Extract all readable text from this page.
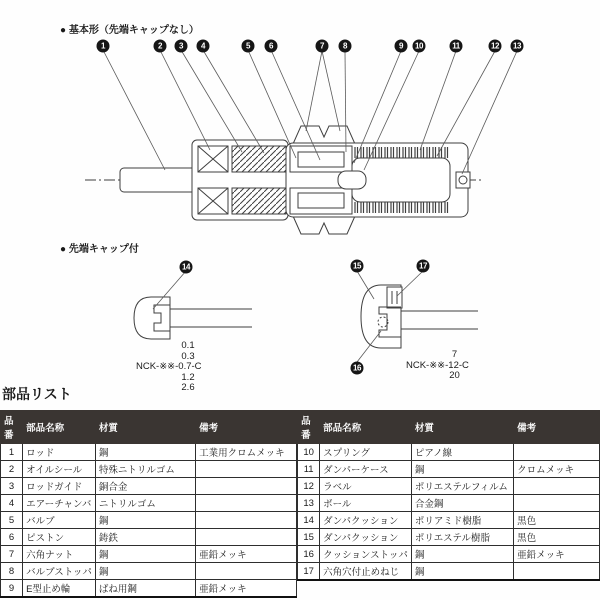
● 基本形（先端キャップなし）
● 先端キャップ付
1	2	3	4	5	6	7	8	9	10	11	12	13
14	15
16
17
0.1
0.3
NCK-※※-0.7-C
1.2
2.6
7
NCK-※※-12-C
20
部品リスト
品番	部品名称	材質	備考
1	ロッド	鋼	工業用クロムメッキ
2	オイルシール	特殊ニトリルゴム	
3	ロッドガイド	銅合金	
4	エアーチャンバ	ニトリルゴム	
5	バルブ	鋼	
6	ピストン	鋳鉄	
7	六角ナット	鋼	亜鉛メッキ
8	バルブストッパ	鋼	
9	E型止め輪	ばね用鋼	亜鉛メッキ
品番	部品名称	材質	備考
10	スプリング	ピアノ線	
11	ダンパーケース	鋼	クロムメッキ
12	ラベル	ポリエステルフィルム	
13	ボール	合金鋼	
14	ダンパクッション	ポリアミド樹脂	黒色
15	ダンパクッション	ポリエステル樹脂	黒色
16	クッションストッパ	鋼	亜鉛メッキ
17	六角穴付止めねじ	鋼	
